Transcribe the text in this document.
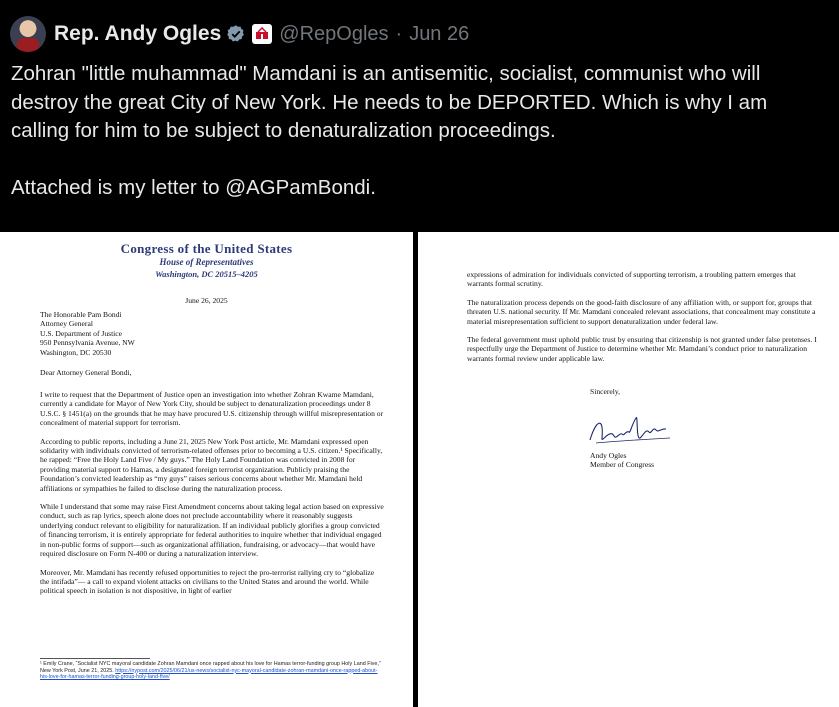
Rep. Andy Ogles	@RepOgles · Jun 26

Zohran "little muhammad" Mamdani is an antisemitic, socialist, communist who will destroy the great City of New York. He needs to be DEPORTED. Which is why I am calling for him to be subject to denaturalization proceedings.

Attached is my letter to @AGPamBondi.

Congress of the United States
House of Representatives
Washington, DC 20515–4205
June 26, 2025
The Honorable Pam Bondi
Attorney General
U.S. Department of Justice
950 Pennsylvania Avenue, NW
Washington, DC 20530
Dear Attorney General Bondi,

I write to request that the Department of Justice open an investigation into whether Zohran Kwame Mamdani, currently a candidate for Mayor of New York City, should be subject to denaturalization proceedings under 8 U.S.C. § 1451(a) on the grounds that he may have procured U.S. citizenship through willful misrepresentation or concealment of material support for terrorism.

According to public reports, including a June 21, 2025 New York Post article, Mr. Mamdani expressed open solidarity with individuals convicted of terrorism-related offenses prior to becoming a U.S. citizen.¹ Specifically, he rapped: “Free the Holy Land Five / My guys.” The Holy Land Foundation was convicted in 2008 for providing material support to Hamas, a designated foreign terrorist organization. Publicly praising the Foundation’s convicted leadership as “my guys” raises serious concerns about whether Mr. Mamdani held affiliations or sympathies he failed to disclose during the naturalization process.

While I understand that some may raise First Amendment concerns about taking legal action based on expressive conduct, such as rap lyrics, speech alone does not preclude accountability where it reasonably suggests underlying conduct relevant to eligibility for naturalization. If an individual publicly glorifies a group convicted of financing terrorism, it is entirely appropriate for federal authorities to inquire whether that individual engaged in non-public forms of support—such as organizational affiliation, fundraising, or advocacy—that would have required disclosure on Form N-400 or during a naturalization interview.

Moreover, Mr. Mamdani has recently refused opportunities to reject the pro-terrorist rallying cry to “globalize the intifada”— a call to expand violent attacks on civilians to the United States and around the world. While political speech in isolation is not dispositive, in light of earlier

¹ Emily Crane, “Socialist NYC mayoral candidate Zohran Mamdani once rapped about his love for Hamas terror-funding group Holy Land Five,” New York Post, June 21, 2025. https://nypost.com/2025/06/21/us-news/socialist-nyc-mayoral-candidate-zohran-mamdani-once-rapped-about-his-love-for-hamas-terror-funding-group-holy-land-five/

expressions of admiration for individuals convicted of supporting terrorism, a troubling pattern emerges that warrants formal scrutiny.

The naturalization process depends on the good-faith disclosure of any affiliation with, or support for, groups that threaten U.S. national security. If Mr. Mamdani concealed relevant associations, that concealment may constitute a material misrepresentation sufficient to support denaturalization under federal law.

The federal government must uphold public trust by ensuring that citizenship is not granted under false pretenses. I respectfully urge the Department of Justice to determine whether Mr. Mamdani’s conduct prior to naturalization warrants formal review under applicable law.

Sincerely,
Andy Ogles
Member of Congress
